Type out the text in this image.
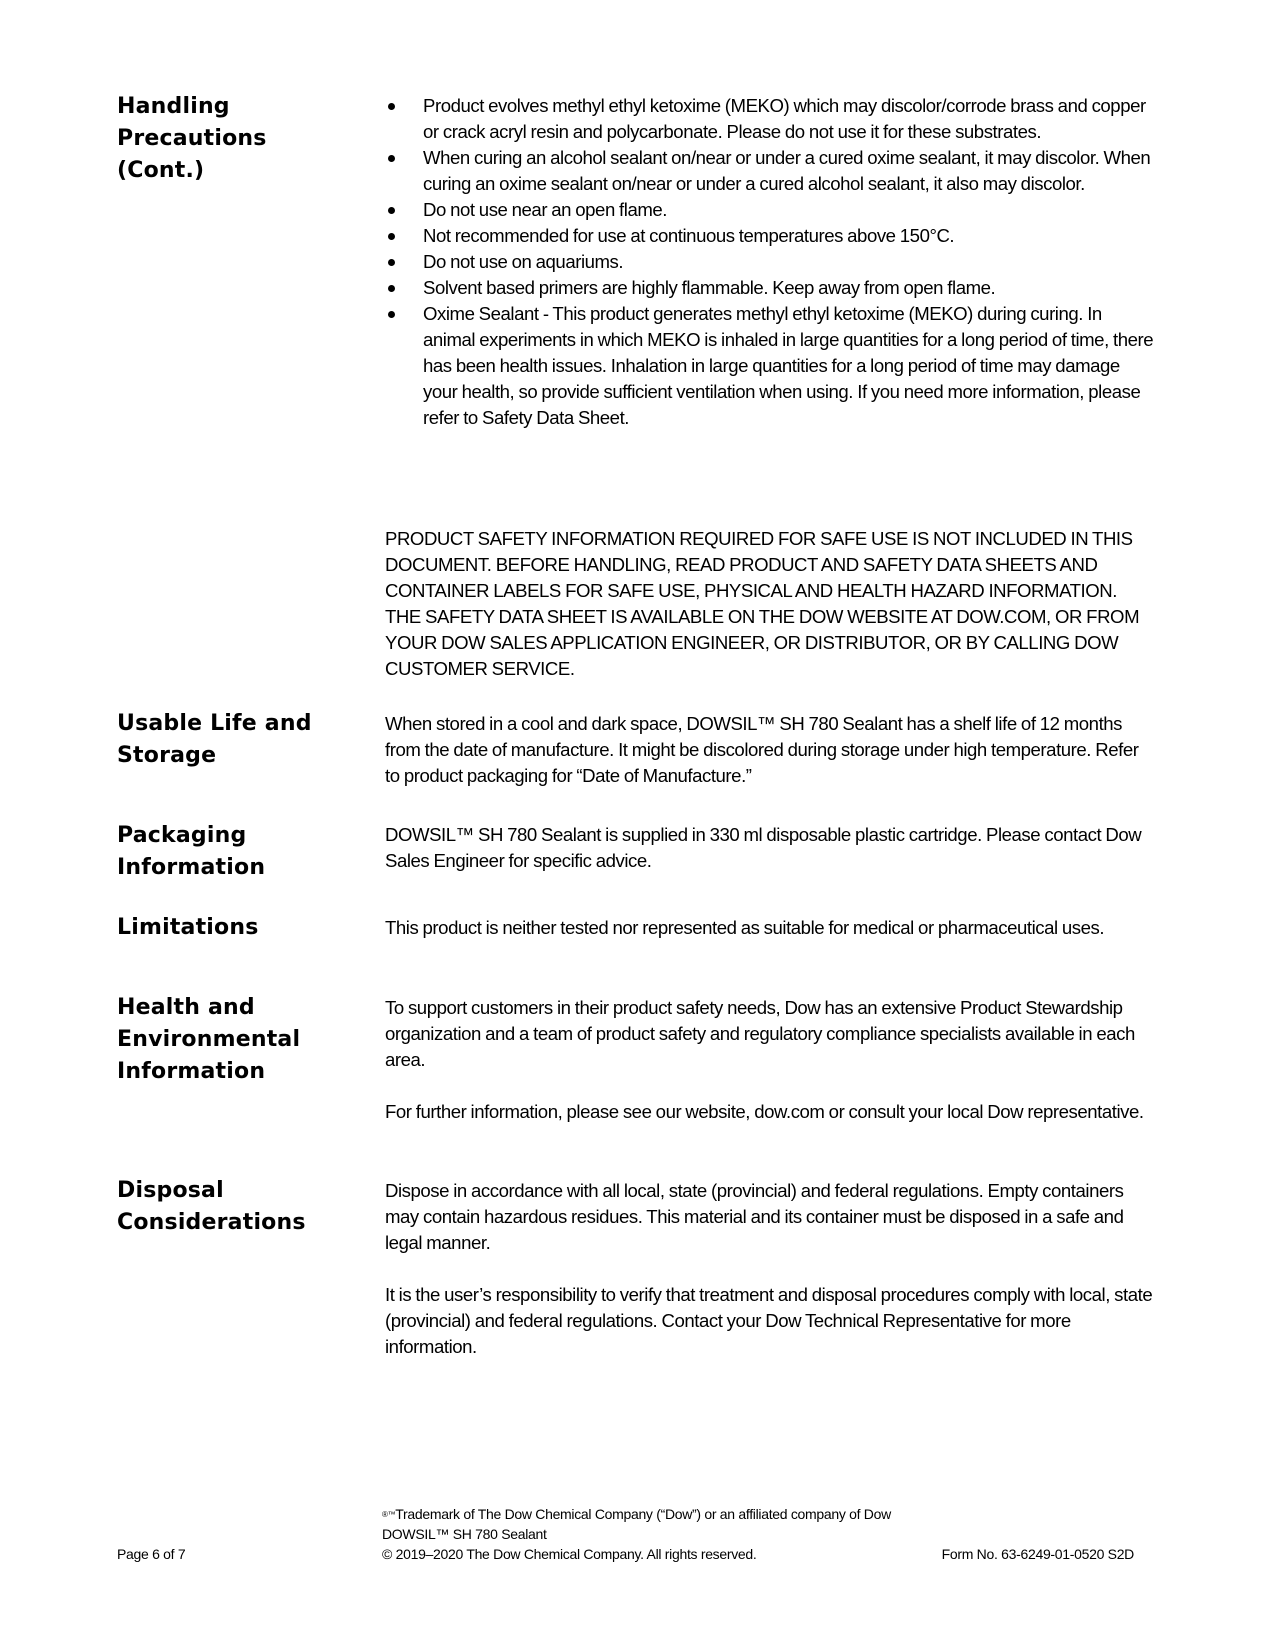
Handling
Precautions
(Cont.)
Product evolves methyl ethyl ketoxime (MEKO) which may discolor/corrode brass and copper or crack acryl resin and polycarbonate. Please do not use it for these substrates.
When curing an alcohol sealant on/near or under a cured oxime sealant, it may discolor. When curing an oxime sealant on/near or under a cured alcohol sealant, it also may discolor.
Do not use near an open flame.
Not recommended for use at continuous temperatures above 150°C.
Do not use on aquariums.
Solvent based primers are highly flammable. Keep away from open flame.
Oxime Sealant - This product generates methyl ethyl ketoxime (MEKO) during curing. In animal experiments in which MEKO is inhaled in large quantities for a long period of time, there has been health issues. Inhalation in large quantities for a long period of time may damage your health, so provide sufficient ventilation when using. If you need more information, please refer to Safety Data Sheet.

PRODUCT SAFETY INFORMATION REQUIRED FOR SAFE USE IS NOT INCLUDED IN THIS DOCUMENT. BEFORE HANDLING, READ PRODUCT AND SAFETY DATA SHEETS AND CONTAINER LABELS FOR SAFE USE, PHYSICAL AND HEALTH HAZARD INFORMATION. THE SAFETY DATA SHEET IS AVAILABLE ON THE DOW WEBSITE AT DOW.COM, OR FROM YOUR DOW SALES APPLICATION ENGINEER, OR DISTRIBUTOR, OR BY CALLING DOW CUSTOMER SERVICE.

Usable Life and
Storage

When stored in a cool and dark space, DOWSIL™ SH 780 Sealant has a shelf life of 12 months from the date of manufacture. It might be discolored during storage under high temperature. Refer to product packaging for “Date of Manufacture.”

Packaging
Information

DOWSIL™ SH 780 Sealant is supplied in 330 ml disposable plastic cartridge. Please contact Dow Sales Engineer for specific advice.

Limitations	This product is neither tested nor represented as suitable for medical or pharmaceutical uses.

Health and
Environmental
Information

To support customers in their product safety needs, Dow has an extensive Product Stewardship organization and a team of product safety and regulatory compliance specialists available in each area.

For further information, please see our website, dow.com or consult your local Dow representative.

Disposal
Considerations

Dispose in accordance with all local, state (provincial) and federal regulations. Empty containers may contain hazardous residues. This material and its container must be disposed in a safe and legal manner.

It is the user’s responsibility to verify that treatment and disposal procedures comply with local, state (provincial) and federal regulations. Contact your Dow Technical Representative for more information.

®™Trademark of The Dow Chemical Company (“Dow”) or an affiliated company of Dow
DOWSIL™ SH 780 Sealant
Page 6 of 7	© 2019–2020 The Dow Chemical Company. All rights reserved.	Form No. 63-6249-01-0520 S2D
